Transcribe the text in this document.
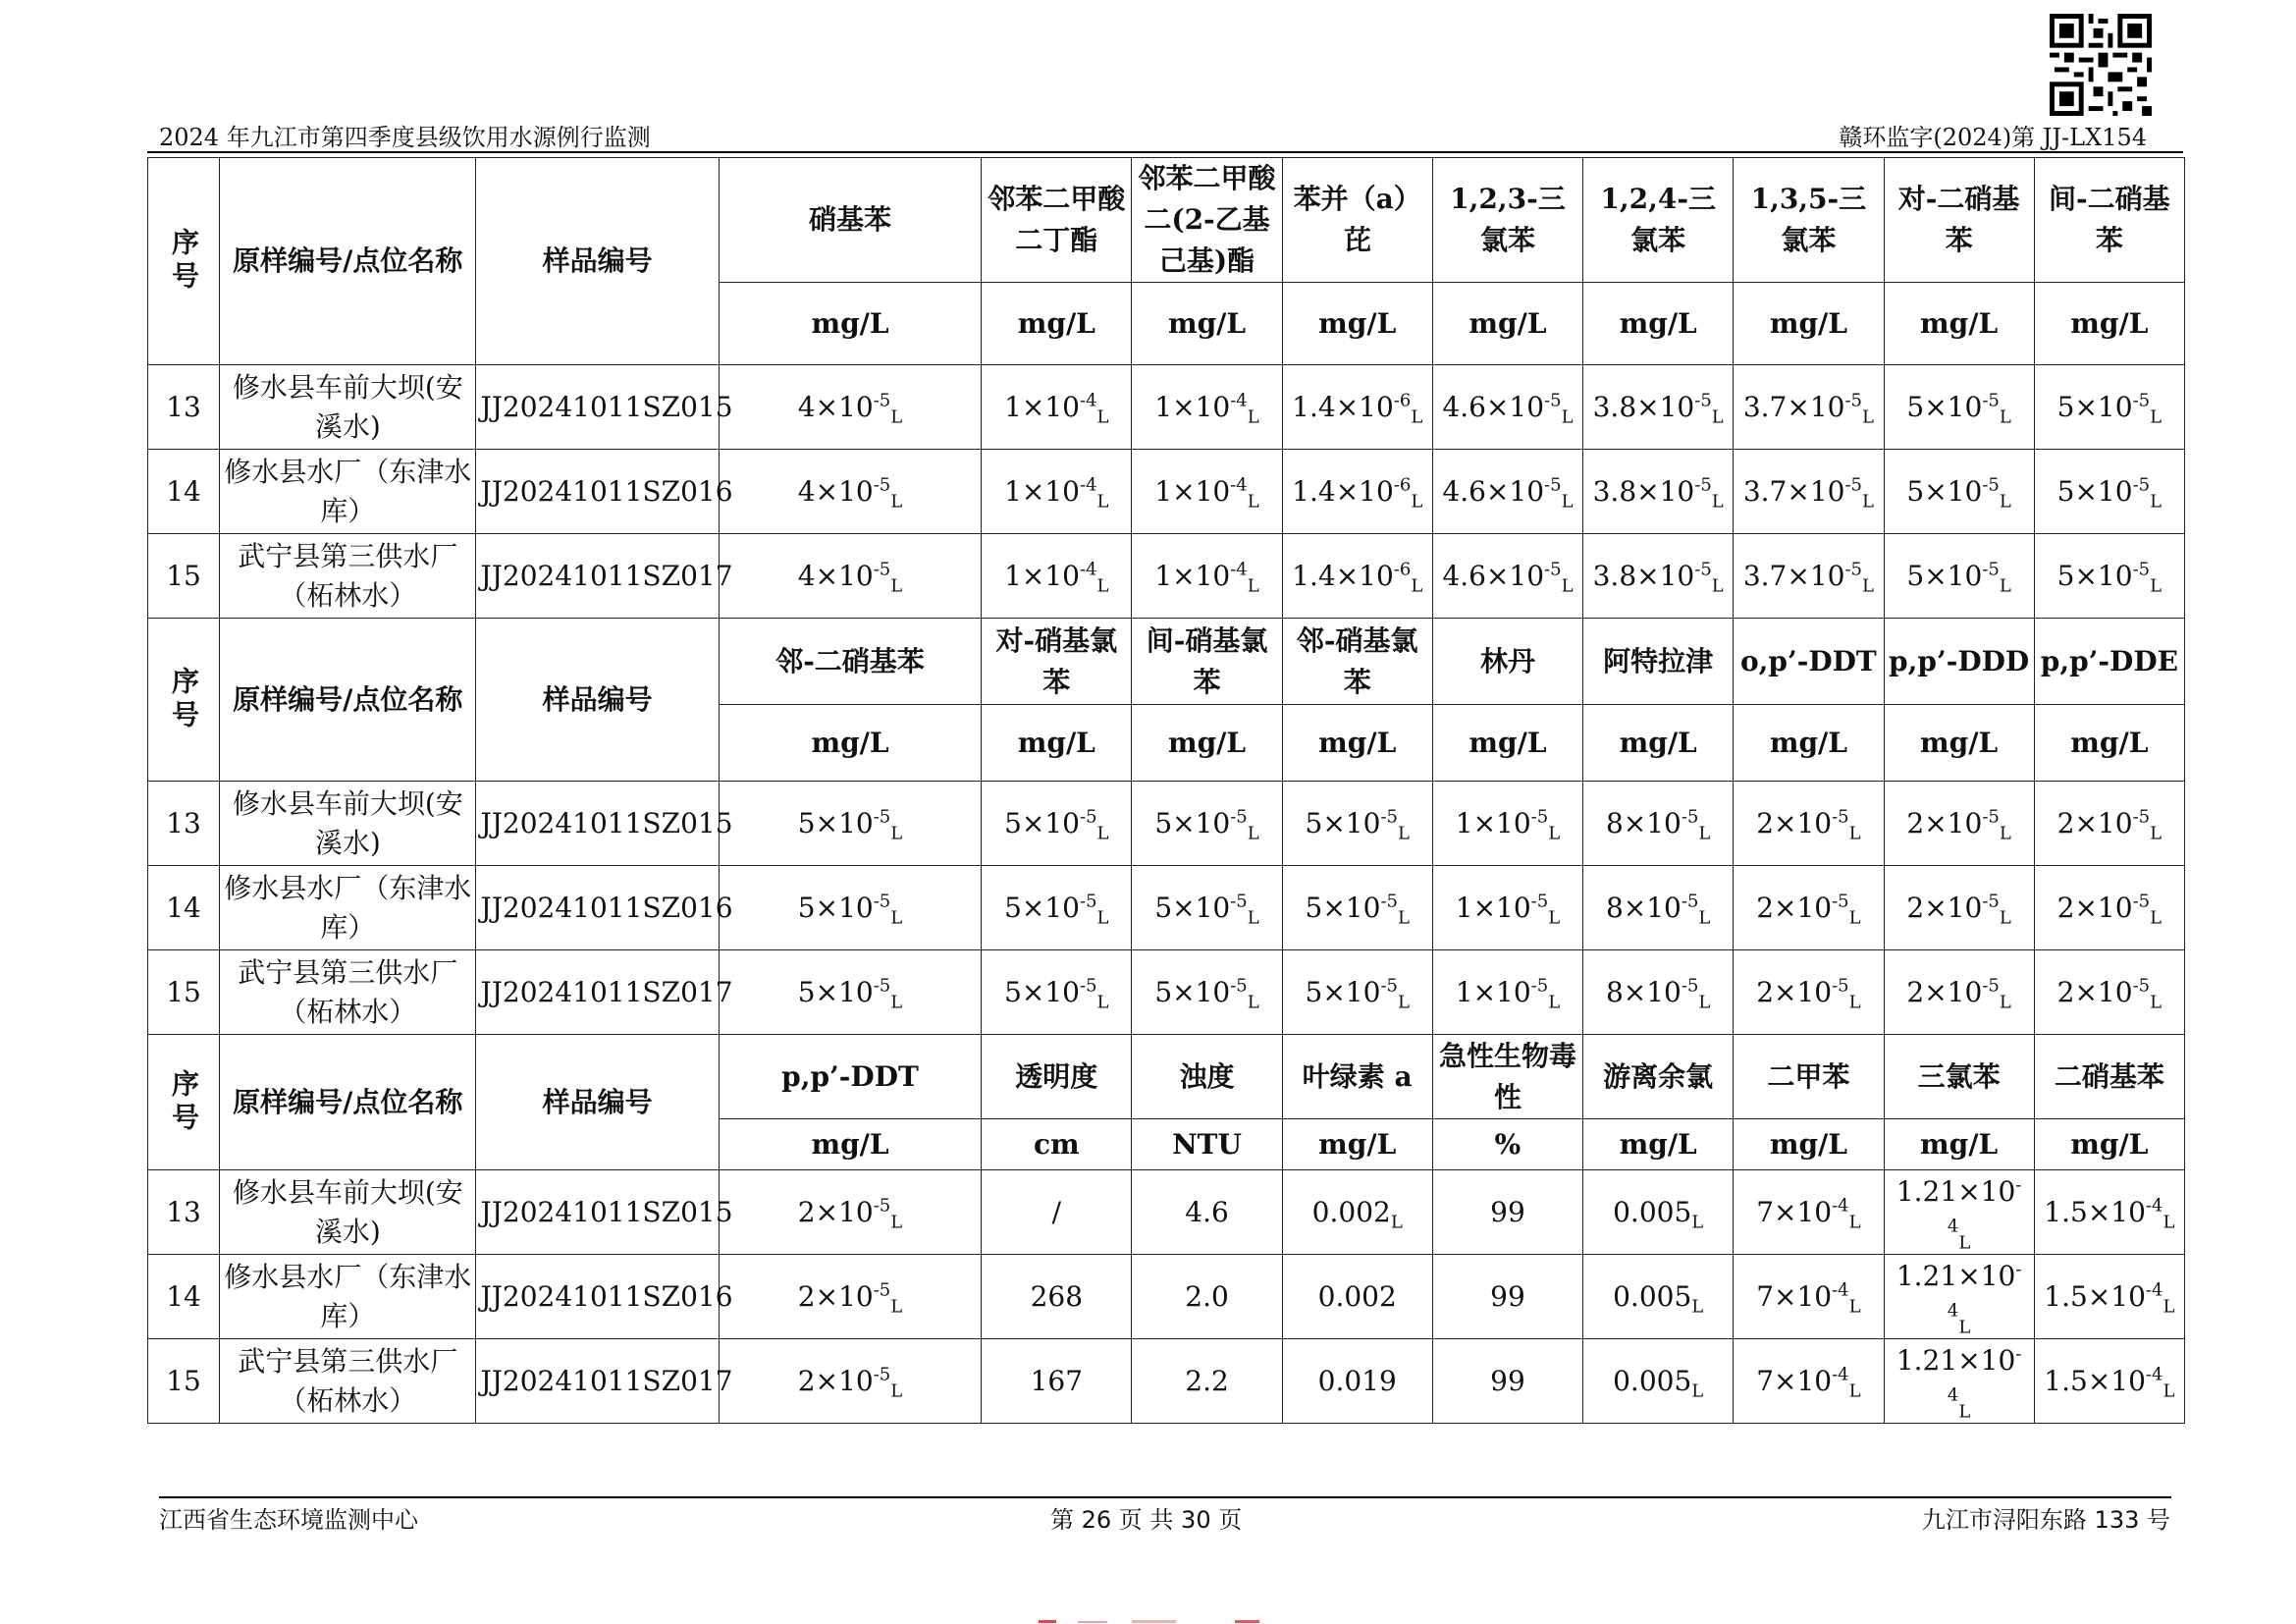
2024 年九江市第四季度县级饮用水源例行监测	赣环监字(2024)第 JJ-LX154
序号	原样编号/点位名称	样品编号	硝基苯	邻苯二甲酸二丁酯	邻苯二甲酸二(2-乙基己基)酯	苯并（a）芘	1,2,3-三氯苯	1,2,4-三氯苯	1,3,5-三氯苯	对-二硝基苯	间-二硝基苯
			mg/L	mg/L	mg/L	mg/L	mg/L	mg/L	mg/L	mg/L	mg/L
13	修水县车前大坝(安溪水)	JJ20241011SZ015	$4\times 10^{-5}_L$	$1\times 10^{-4}_L$	$1\times 10^{-4}_L$	$1.4\times 10^{-6}_L$	$4.6\times 10^{-5}_L$	$3.8\times 10^{-5}_L$	$3.7\times 10^{-5}_L$	$5\times 10^{-5}_L$	$5\times 10^{-5}_L$
14	修水县水厂（东津水库）	JJ20241011SZ016	$4\times 10^{-5}_L$	$1\times 10^{-4}_L$	$1\times 10^{-4}_L$	$1.4\times 10^{-6}_L$	$4.6\times 10^{-5}_L$	$3.8\times 10^{-5}_L$	$3.7\times 10^{-5}_L$	$5\times 10^{-5}_L$	$5\times 10^{-5}_L$
15	武宁县第三供水厂（柘林水）	JJ20241011SZ017	$4\times 10^{-5}_L$	$1\times 10^{-4}_L$	$1\times 10^{-4}_L$	$1.4\times 10^{-6}_L$	$4.6\times 10^{-5}_L$	$3.8\times 10^{-5}_L$	$3.7\times 10^{-5}_L$	$5\times 10^{-5}_L$	$5\times 10^{-5}_L$
序号	原样编号/点位名称	样品编号	邻-二硝基苯	对-硝基氯苯	间-硝基氯苯	邻-硝基氯苯	林丹	阿特拉津	o,p’-DDT	p,p’-DDD	p,p’-DDE
			mg/L	mg/L	mg/L	mg/L	mg/L	mg/L	mg/L	mg/L	mg/L
13	修水县车前大坝(安溪水)	JJ20241011SZ015	$5\times 10^{-5}_L$	$5\times 10^{-5}_L$	$5\times 10^{-5}_L$	$5\times 10^{-5}_L$	$1\times 10^{-5}_L$	$8\times 10^{-5}_L$	$2\times 10^{-5}_L$	$2\times 10^{-5}_L$	$2\times 10^{-5}_L$
14	修水县水厂（东津水库）	JJ20241011SZ016	$5\times 10^{-5}_L$	$5\times 10^{-5}_L$	$5\times 10^{-5}_L$	$5\times 10^{-5}_L$	$1\times 10^{-5}_L$	$8\times 10^{-5}_L$	$2\times 10^{-5}_L$	$2\times 10^{-5}_L$	$2\times 10^{-5}_L$
15	武宁县第三供水厂（柘林水）	JJ20241011SZ017	$5\times 10^{-5}_L$	$5\times 10^{-5}_L$	$5\times 10^{-5}_L$	$5\times 10^{-5}_L$	$1\times 10^{-5}_L$	$8\times 10^{-5}_L$	$2\times 10^{-5}_L$	$2\times 10^{-5}_L$	$2\times 10^{-5}_L$
序号	原样编号/点位名称	样品编号	p,p’-DDT	透明度	浊度	叶绿素 a	急性生物毒性	游离余氯	二甲苯	三氯苯	二硝基苯
			mg/L	cm	NTU	mg/L	%	mg/L	mg/L	mg/L	mg/L
13	修水县车前大坝(安溪水)	JJ20241011SZ015	$2\times 10^{-5}_L$	/	4.6	$0.002_L$	99	$0.005_L$	$7\times 10^{-4}_L$	$1.21\times 10^{-4}_L$	$1.5\times 10^{-4}_L$
14	修水县水厂（东津水库）	JJ20241011SZ016	$2\times 10^{-5}_L$	268	2.0	0.002	99	$0.005_L$	$7\times 10^{-4}_L$	$1.21\times 10^{-4}_L$	$1.5\times 10^{-4}_L$
15	武宁县第三供水厂（柘林水）	JJ20241011SZ017	$2\times 10^{-5}_L$	167	2.2	0.019	99	$0.005_L$	$7\times 10^{-4}_L$	$1.21\times 10^{-4}_L$	$1.5\times 10^{-4}_L$
江西省生态环境监测中心	第 26 页 共 30 页	九江市浔阳东路 133 号
